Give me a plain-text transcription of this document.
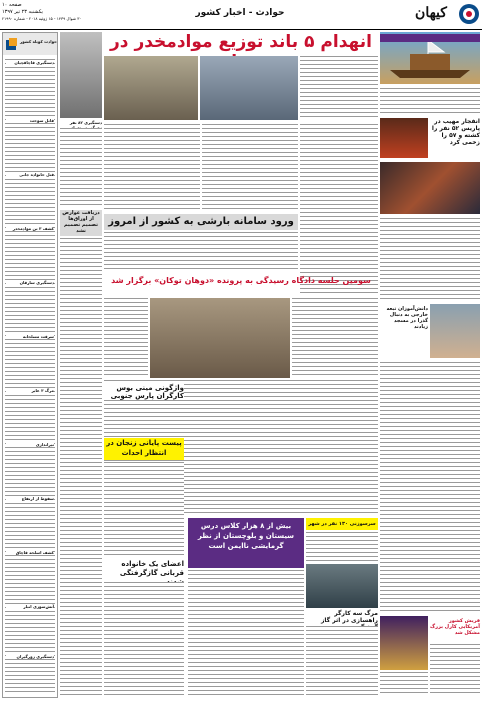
صفحه ۱۰
یکشنبه ۲۳ تیر ۱۳۹۷
۳۰ شوال ۱۴۳۹ - ۱۵ ژوئیه ۲۰۱۸ - شماره ۲۱۹۹۰
حوادث - اخبار کشور	کیهان
انفجار مهیب در پاریس ۵۲ نفر را کشته و ۵۷ را زخمی کرد
دانش‌آموزان تبعه خارجی به دنبال گذرا در مسجد زیادند
فریش کشور آمریکایی کارل بزرگ مشکل شد
انهدام ۵ باند توزیع موادمخدر در
ورود سامانه بارشی به کشور از امروز
سومین جلسه دادگاه رسیدگی به پرونده «دوهان توکان» برگزار شد
سرسوزنی ۱۳۰ نفر در شهر
مرگ سه کارگر راهسازی در اثر گاز
بیش از ۸ هزار کلاس درس سیستان و بلوچستان از نظر گرمایشی ناایمن است
واژگونی مینی بوس کارگران پارس جنوبی
پیست پایانی زنجان در انتظار احداث
اعضای یک خانواده قربانی گازگرفتگی
دریافت عوارض از اوراق‌ها تصمیم تصمیم نشد
حوادث کوتاه کشور
دستگیری قاچاقچیان
قاتل سوخت
قتل خانواده جانی
کشف ۳ تن موادمخدر
دستگیری سارقان
سرقت مسلحانه
مرگ ۳ عابر
تیراندازی
سقوط از ارتفاع
کشف اسلحه قاچاق
آتش‌سوزی انبار
دستگیری زورگیران
دستگیری ۸۲ نفر
